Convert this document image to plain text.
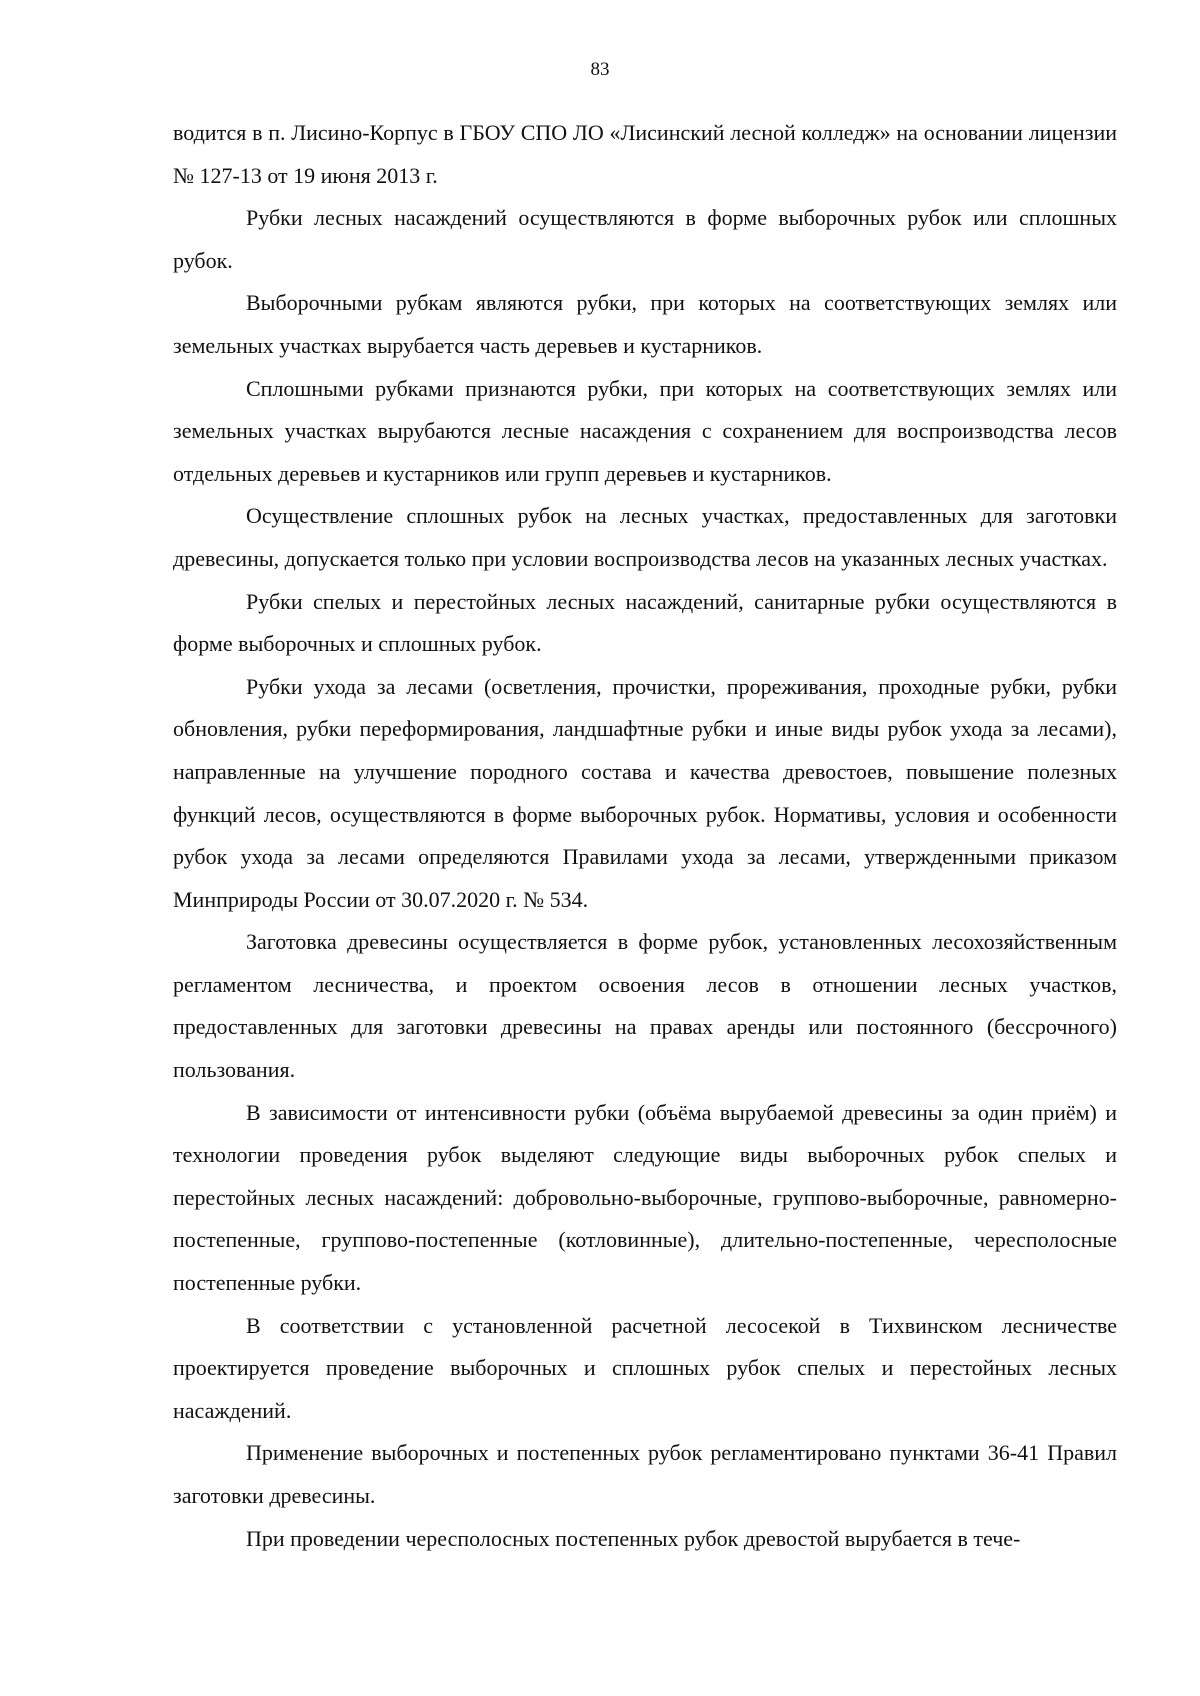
83

водится в п. Лисино-Корпус в ГБОУ СПО ЛО «Лисинский лесной колледж» на основании лицензии № 127-13 от 19 июня 2013 г.

Рубки лесных насаждений осуществляются в форме выборочных рубок или сплошных рубок.

Выборочными рубкам являются рубки, при которых на соответствующих землях или земельных участках вырубается часть деревьев и кустарников.

Сплошными рубками признаются рубки, при которых на соответствующих землях или земельных участках вырубаются лесные насаждения с сохранением для воспроизводства лесов отдельных деревьев и кустарников или групп деревьев и кустарников.

Осуществление сплошных рубок на лесных участках, предоставленных для заготовки древесины, допускается только при условии воспроизводства лесов на указанных лесных участках.

Рубки спелых и перестойных лесных насаждений, санитарные рубки осуществляются в форме выборочных и сплошных рубок.

Рубки ухода за лесами (осветления, прочистки, прореживания, проходные рубки, рубки обновления, рубки переформирования, ландшафтные рубки и иные виды рубок ухода за лесами), направленные на улучшение породного состава и качества древостоев, повышение полезных функций лесов, осуществляются в форме выборочных рубок. Нормативы, условия и особенности рубок ухода за лесами определяются Правилами ухода за лесами, утвержденными приказом Минприроды России от 30.07.2020 г. № 534.

Заготовка древесины осуществляется в форме рубок, установленных лесохозяйственным регламентом лесничества, и проектом освоения лесов в отношении лесных участков, предоставленных для заготовки древесины на правах аренды или постоянного (бессрочного) пользования.

В зависимости от интенсивности рубки (объёма вырубаемой древесины за один приём) и технологии проведения рубок выделяют следующие виды выборочных рубок спелых и перестойных лесных насаждений: добровольно-выборочные, группово-выборочные, равномерно-постепенные, группово-постепенные (котловинные), длительно-постепенные, чересполосные постепенные рубки.

В соответствии с установленной расчетной лесосекой в Тихвинском лесничестве проектируется проведение выборочных и сплошных рубок спелых и перестойных лесных насаждений.

Применение выборочных и постепенных рубок регламентировано пунктами 36-41 Правил заготовки древесины.

При проведении чересполосных постепенных рубок древостой вырубается в тече-
